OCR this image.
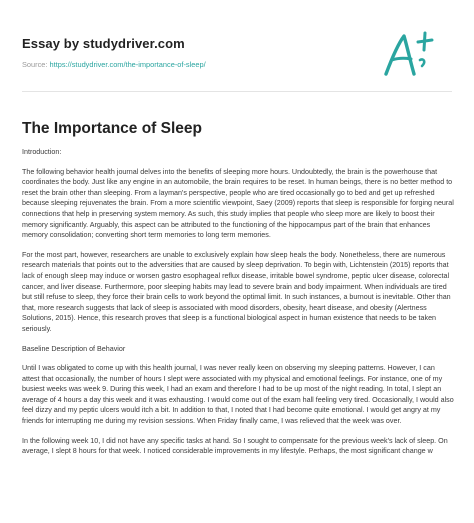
Essay by studydriver.com
Source: https://studydriver.com/the-importance-of-sleep/
The Importance of Sleep

Introduction:

The following behavior health journal delves into the benefits of sleeping more hours. Undoubtedly, the brain is the powerhouse that coordinates the body. Just like any engine in an automobile, the brain requires to be reset. In human beings, there is no better method to reset the brain other than sleeping. From a layman's perspective, people who are tired occasionally go to bed and get up refreshed because sleeping rejuvenates the brain. From a more scientific viewpoint, Saey (2009) reports that sleep is responsible for forging neural connections that help in preserving system memory. As such, this study implies that people who sleep more are likely to boost their memory significantly. Arguably, this aspect can be attributed to the functioning of the hippocampus part of the brain that enhances memory consolidation; converting short term memories to long term memories.

For the most part, however, researchers are unable to exclusively explain how sleep heals the body. Nonetheless, there are numerous research materials that points out to the adversities that are caused by sleep deprivation. To begin with, Lichtenstein (2015) reports that lack of enough sleep may induce or worsen gastro esophageal reflux disease, irritable bowel syndrome, peptic ulcer disease, colorectal cancer, and liver disease. Furthermore, poor sleeping habits may lead to severe brain and body impairment. When individuals are tired but still refuse to sleep, they force their brain cells to work beyond the optimal limit. In such instances, a burnout is inevitable. Other than that, more research suggests that lack of sleep is associated with mood disorders, obesity, heart disease, and obesity (Alertness Solutions, 2015). Hence, this research proves that sleep is a functional biological aspect in human existence that needs to be taken seriously.

Baseline Description of Behavior

Until I was obligated to come up with this health journal, I was never really keen on observing my sleeping patterns. However, I can attest that occasionally, the number of hours I slept were associated with my physical and emotional feelings. For instance, one of my busiest weeks was week 9. During this week, I had an exam and therefore I had to be up most of the night reading. In total, I slept an average of 4 hours a day this week and it was exhausting. I would come out of the exam hall feeling very tired. Occasionally, I would also feel dizzy and my peptic ulcers would itch a bit. In addition to that, I noted that I had become quite emotional. I would get angry at my friends for interrupting me during my revision sessions. When Friday finally came, I was relieved that the week was over.

In the following week 10, I did not have any specific tasks at hand. So I sought to compensate for the previous week's lack of sleep. On average, I slept 8 hours for that week. I noticed considerable improvements in my lifestyle. Perhaps, the most significant change w
